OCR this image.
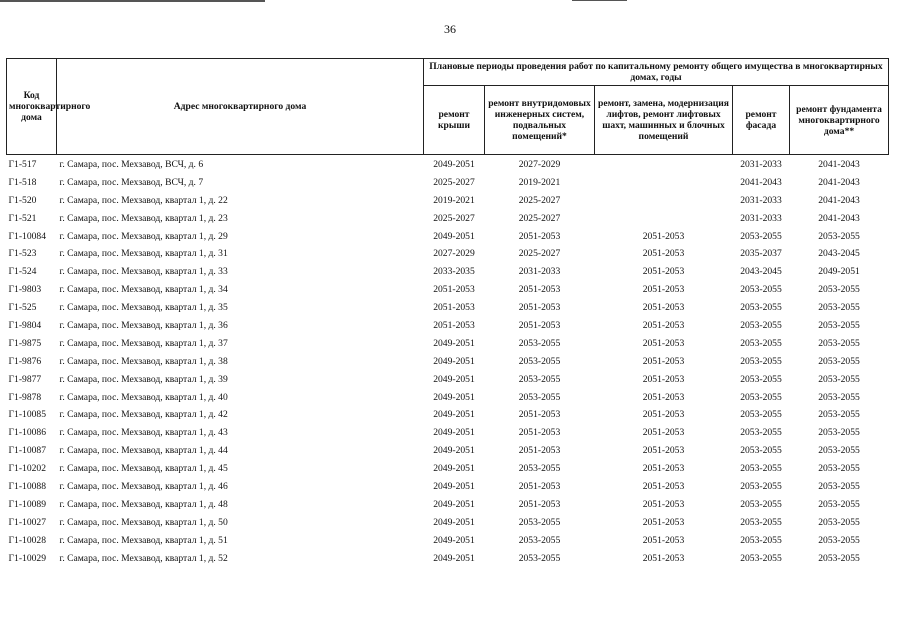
36
Код многоквартирного дома	Адрес многоквартирного дома	Плановые периоды проведения работ по капитальному ремонту общего имущества в многоквартирных домах, годы				
		ремонт крыши	ремонт внутридомовых инженерных систем, подвальных помещений*	ремонт, замена, модернизация лифтов, ремонт лифтовых шахт, машинных и блочных помещений	ремонт фасада	ремонт фундамента многоквартирного дома**
Г1-517	г. Самара, пос. Мехзавод, ВСЧ, д. 6	2049-2051	2027-2029		2031-2033	2041-2043
Г1-518	г. Самара, пос. Мехзавод, ВСЧ, д. 7	2025-2027	2019-2021		2041-2043	2041-2043
Г1-520	г. Самара, пос. Мехзавод, квартал 1, д. 22	2019-2021	2025-2027		2031-2033	2041-2043
Г1-521	г. Самара, пос. Мехзавод, квартал 1, д. 23	2025-2027	2025-2027		2031-2033	2041-2043
Г1-10084	г. Самара, пос. Мехзавод, квартал 1, д. 29	2049-2051	2051-2053	2051-2053	2053-2055	2053-2055
Г1-523	г. Самара, пос. Мехзавод, квартал 1, д. 31	2027-2029	2025-2027	2051-2053	2035-2037	2043-2045
Г1-524	г. Самара, пос. Мехзавод, квартал 1, д. 33	2033-2035	2031-2033	2051-2053	2043-2045	2049-2051
Г1-9803	г. Самара, пос. Мехзавод, квартал 1, д. 34	2051-2053	2051-2053	2051-2053	2053-2055	2053-2055
Г1-525	г. Самара, пос. Мехзавод, квартал 1, д. 35	2051-2053	2051-2053	2051-2053	2053-2055	2053-2055
Г1-9804	г. Самара, пос. Мехзавод, квартал 1, д. 36	2051-2053	2051-2053	2051-2053	2053-2055	2053-2055
Г1-9875	г. Самара, пос. Мехзавод, квартал 1, д. 37	2049-2051	2053-2055	2051-2053	2053-2055	2053-2055
Г1-9876	г. Самара, пос. Мехзавод, квартал 1, д. 38	2049-2051	2053-2055	2051-2053	2053-2055	2053-2055
Г1-9877	г. Самара, пос. Мехзавод, квартал 1, д. 39	2049-2051	2053-2055	2051-2053	2053-2055	2053-2055
Г1-9878	г. Самара, пос. Мехзавод, квартал 1, д. 40	2049-2051	2053-2055	2051-2053	2053-2055	2053-2055
Г1-10085	г. Самара, пос. Мехзавод, квартал 1, д. 42	2049-2051	2051-2053	2051-2053	2053-2055	2053-2055
Г1-10086	г. Самара, пос. Мехзавод, квартал 1, д. 43	2049-2051	2051-2053	2051-2053	2053-2055	2053-2055
Г1-10087	г. Самара, пос. Мехзавод, квартал 1, д. 44	2049-2051	2051-2053	2051-2053	2053-2055	2053-2055
Г1-10202	г. Самара, пос. Мехзавод, квартал 1, д. 45	2049-2051	2053-2055	2051-2053	2053-2055	2053-2055
Г1-10088	г. Самара, пос. Мехзавод, квартал 1, д. 46	2049-2051	2051-2053	2051-2053	2053-2055	2053-2055
Г1-10089	г. Самара, пос. Мехзавод, квартал 1, д. 48	2049-2051	2051-2053	2051-2053	2053-2055	2053-2055
Г1-10027	г. Самара, пос. Мехзавод, квартал 1, д. 50	2049-2051	2053-2055	2051-2053	2053-2055	2053-2055
Г1-10028	г. Самара, пос. Мехзавод, квартал 1, д. 51	2049-2051	2053-2055	2051-2053	2053-2055	2053-2055
Г1-10029	г. Самара, пос. Мехзавод, квартал 1, д. 52	2049-2051	2053-2055	2051-2053	2053-2055	2053-2055
